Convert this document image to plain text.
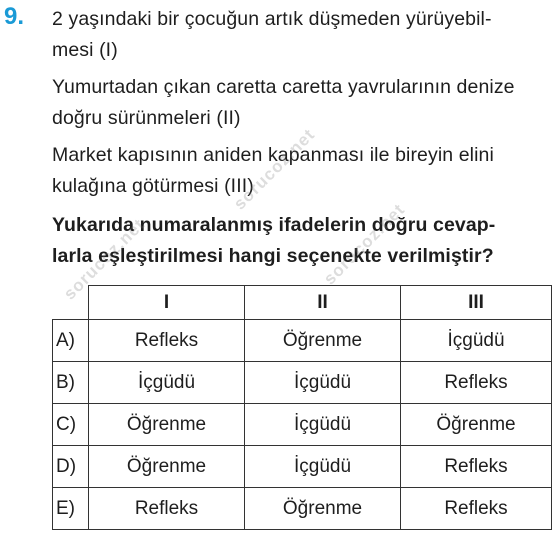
9. 2 yaşındaki bir çocuğun artık düşmeden yürüyebil-
mesi (I)
Yumurtadan çıkan caretta caretta yavrularının denize
doğru sürünmeleri (II)
Market kapısının aniden kapanması ile bireyin elini
kulağına götürmesi (III)
Yukarıda numaralanmış ifadelerin doğru cevap-
larla eşleştirilmesi hangi seçenekte verilmiştir?
	I	II	III
A)	Refleks	Öğrenme	İçgüdü
B)	İçgüdü	İçgüdü	Refleks
C)	Öğrenme	İçgüdü	Öğrenme
D)	Öğrenme	İçgüdü	Refleks
E)	Refleks	Öğrenme	Refleks
sorucoz.net	sorucoz.net
sorucoz.net
